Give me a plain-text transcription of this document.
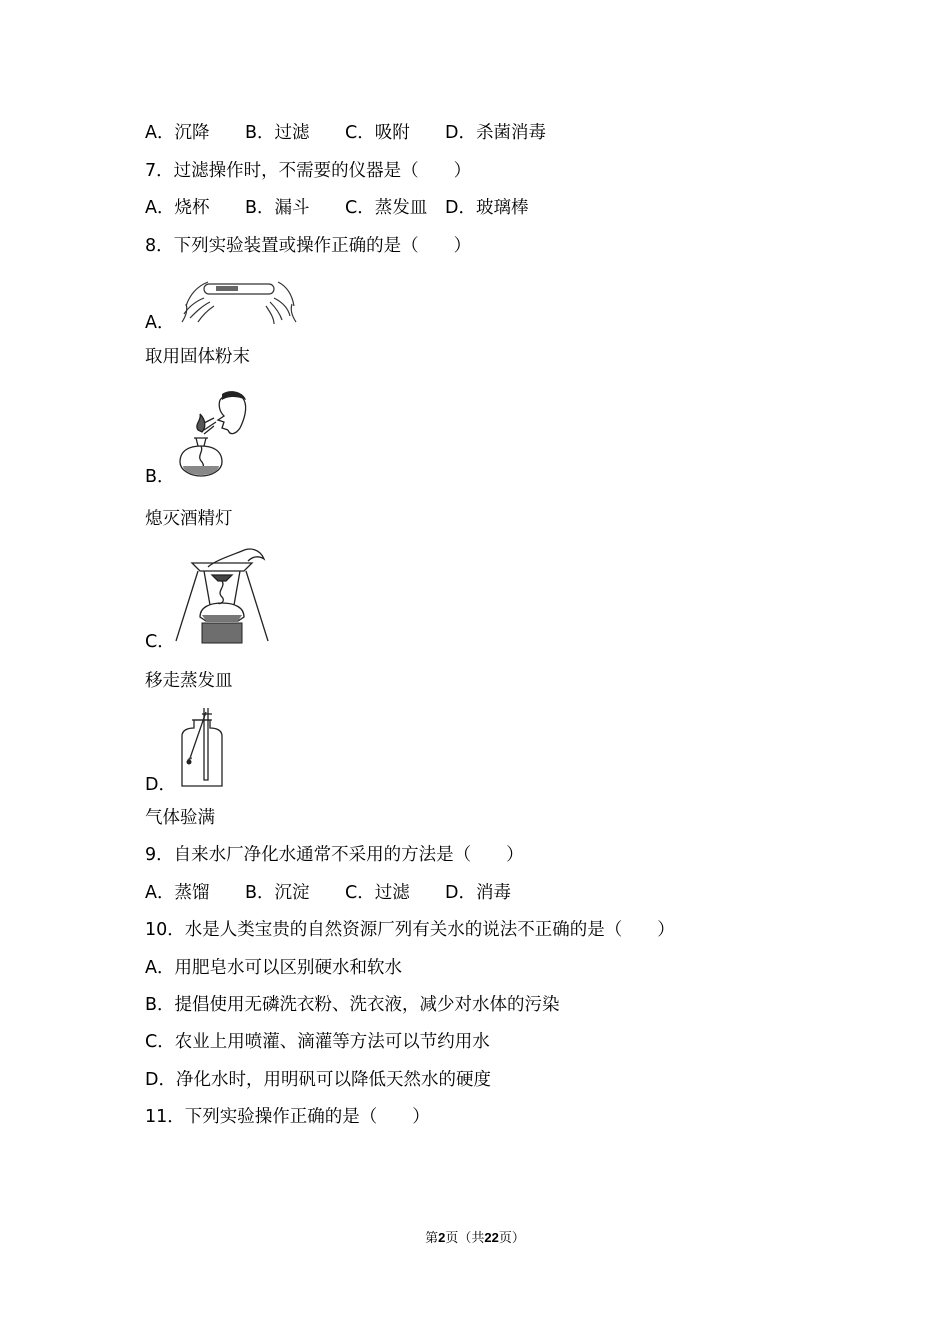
A．沉降 B．过滤 C．吸附 D．杀菌消毒
7．过滤操作时，不需要的仪器是（　　）
A．烧杯 B．漏斗 C．蒸发皿 D．玻璃棒
8．下列实验装置或操作正确的是（　　）
A．
取用固体粉末
B．
熄灭酒精灯
C．
移走蒸发皿
D．
气体验满
9．自来水厂净化水通常不采用的方法是（　　）
A．蒸馏 B．沉淀 C．过滤 D．消毒
10．水是人类宝贵的自然资源厂列有关水的说法不正确的是（　　）
A．用肥皂水可以区别硬水和软水
B．提倡使用无磷洗衣粉、洗衣液，减少对水体的污染
C．农业上用喷灌、滴灌等方法可以节约用水
D．净化水时，用明矾可以降低天然水的硬度
11．下列实验操作正确的是（　　）
第2页（共22页）
